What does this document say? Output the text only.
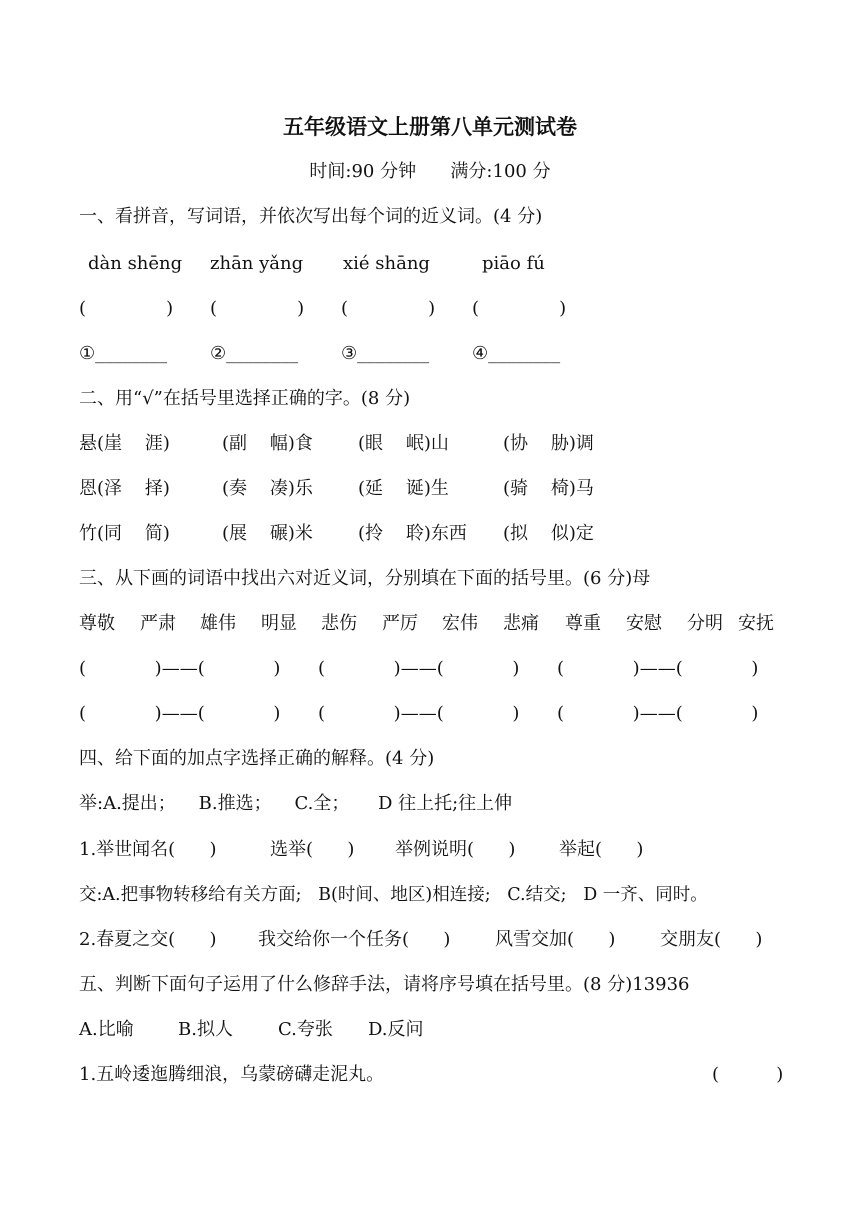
五年级语文上册第八单元测试卷
时间:90 分钟      满分:100 分
一、看拼音，写词语，并依次写出每个词的近义词。(4 分)
dàn shēng zhān yǎng xié shāng	piāo fú
(              ) (              ) (              ) (              )
①________ ②________ ③________ ④________
二、用“√”在括号里选择正确的字。(8 分)
悬(崖    涯)	(副    幅)食	(眼    岷)山	(协    胁)调
恩(泽    择)	(奏    凑)乐	(延    诞)生	(骑    椅)马
竹(同    简)	(展    碾)米	(拎    聆)东西 (拟    似)定
三、从下画的词语中找出六对近义词，分别填在下面的括号里。(6 分)母
尊敬 严肃 雄伟 明显 悲伤 严厉 宏伟 悲痛 尊重 安慰 分明 安抚
(            )——(            ) (            )——(            ) (            )——(            )
(            )——(            ) (            )——(            ) (            )——(            )
四、给下面的加点字选择正确的解释。(4 分)
举:A.提出；    B.推选；    C.全；     D 往上托;往上伸
1.举世闻名(      )	选举(      ) 举例说明(      ) 举起(      )
交:A.把事物转移给有关方面;   B(时间、地区)相连接;   C.结交;   D 一齐、同时。
2.春夏之交(      ) 我交给你一个任务(      ) 风雪交加(      ) 交朋友(      )
五、判断下面句子运用了什么修辞手法，请将序号填在括号里。(8 分)13936
A.比喻 B.拟人	C.夸张 D.反问
1.五岭逶迤腾细浪，乌蒙磅礴走泥丸。	(          )
